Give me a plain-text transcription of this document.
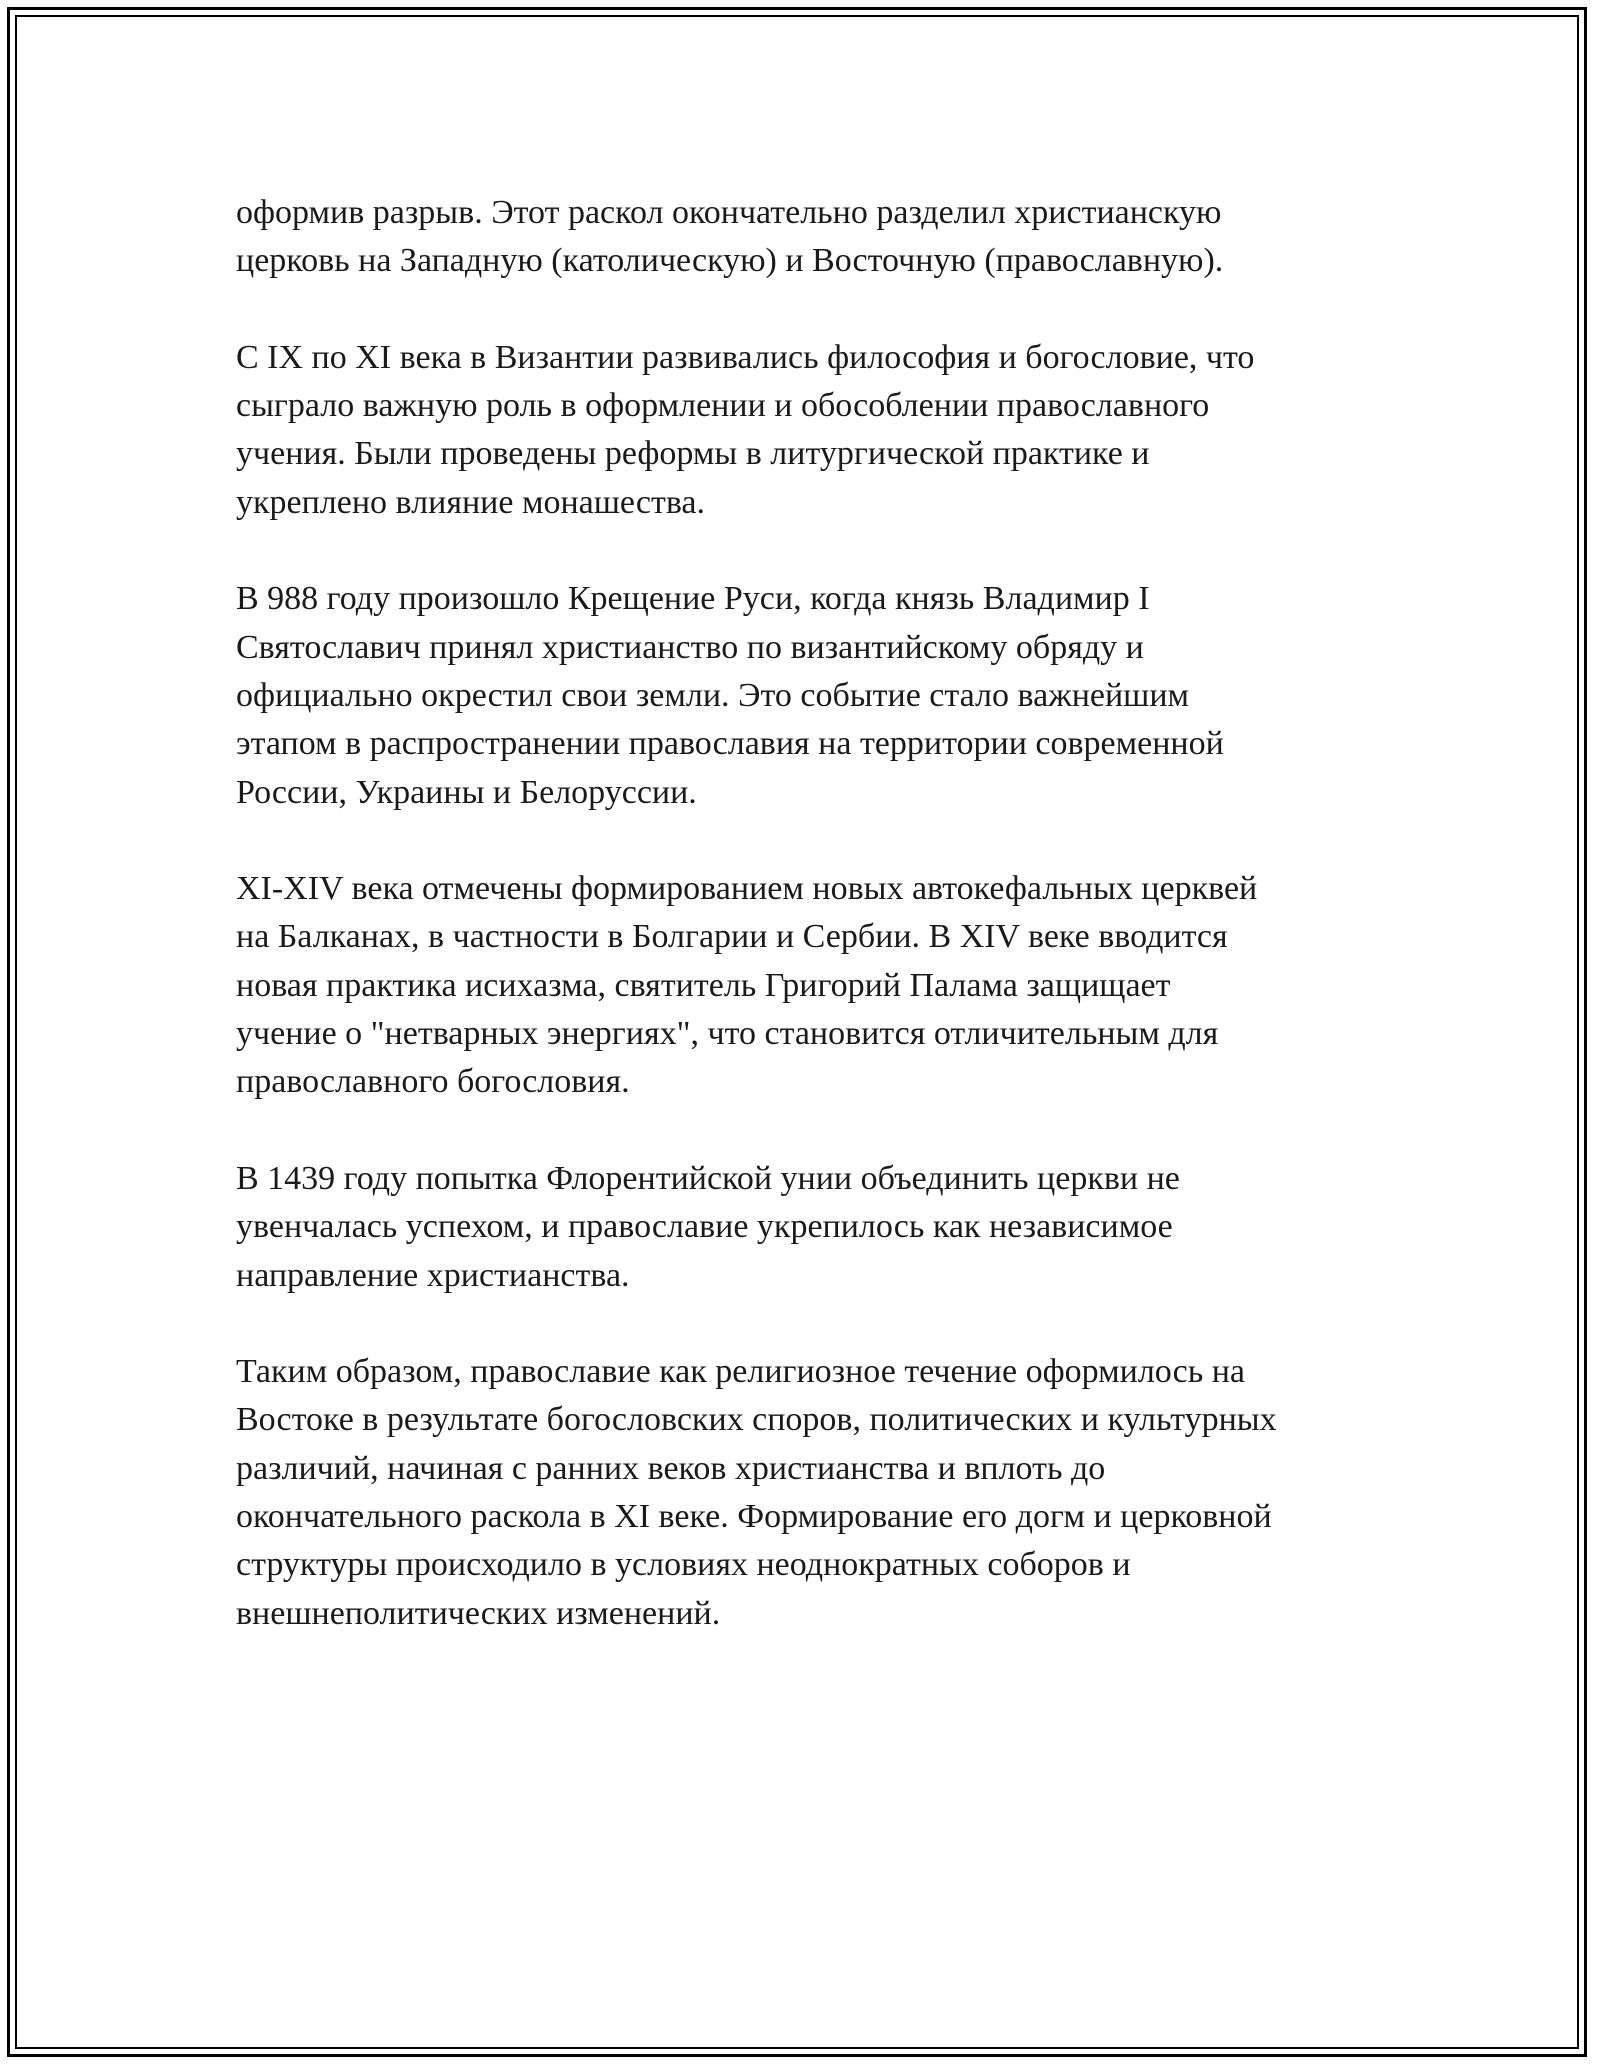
оформив разрыв. Этот раскол окончательно разделил христианскую
церковь на Западную (католическую) и Восточную (православную).

С IX по XI века в Византии развивались философия и богословие, что
сыграло важную роль в оформлении и обособлении православного
учения. Были проведены реформы в литургической практике и
укреплено влияние монашества.

В 988 году произошло Крещение Руси, когда князь Владимир I
Святославич принял христианство по византийскому обряду и
официально окрестил свои земли. Это событие стало важнейшим
этапом в распространении православия на территории современной
России, Украины и Белоруссии.

XI-XIV века отмечены формированием новых автокефальных церквей
на Балканах, в частности в Болгарии и Сербии. В XIV веке вводится
новая практика исихазма, святитель Григорий Палама защищает
учение о "нетварных энергиях", что становится отличительным для
православного богословия.

В 1439 году попытка Флорентийской унии объединить церкви не
увенчалась успехом, и православие укрепилось как независимое
направление христианства.

Таким образом, православие как религиозное течение оформилось на
Востоке в результате богословских споров, политических и культурных
различий, начиная с ранних веков христианства и вплоть до
окончательного раскола в XI веке. Формирование его догм и церковной
структуры происходило в условиях неоднократных соборов и
внешнеполитических изменений.
